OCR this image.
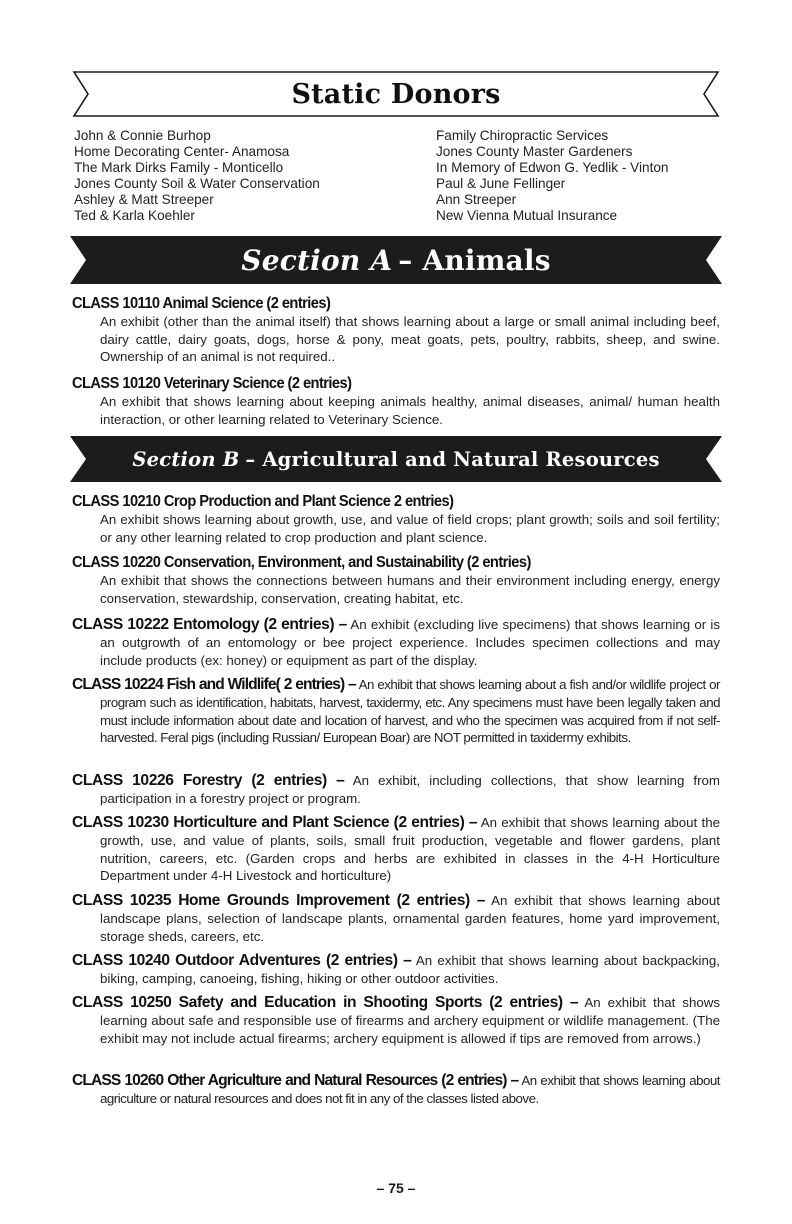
Static Donors
John & Connie Burhop
Home Decorating Center- Anamosa
The Mark Dirks Family - Monticello
Jones County Soil & Water Conservation
Ashley & Matt Streeper
Ted & Karla Koehler
Family Chiropractic Services
Jones County Master Gardeners
In Memory of Edwon G. Yedlik - Vinton
Paul & June Fellinger
Ann Streeper
New Vienna Mutual Insurance
Section A – Animals
CLASS 10110 Animal Science (2 entries)
An exhibit (other than the animal itself) that shows learning about a large or small animal including beef, dairy cattle, dairy goats, dogs, horse & pony, meat goats, pets, poultry, rabbits, sheep, and swine. Ownership of an animal is not required..
CLASS 10120 Veterinary Science (2 entries)
An exhibit that shows learning about keeping animals healthy, animal diseases, animal/ human health interaction, or other learning related to Veterinary Science.
Section B – Agricultural and Natural Resources
CLASS 10210 Crop Production and Plant Science 2 entries)
An exhibit shows learning about growth, use, and value of field crops; plant growth; soils and soil fertility; or any other learning related to crop production and plant science.
CLASS 10220 Conservation, Environment, and Sustainability (2 entries)
An exhibit that shows the connections between humans and their environment including energy, energy conservation, stewardship, conservation, creating habitat, etc.
CLASS 10222 Entomology (2 entries) – An exhibit (excluding live specimens) that shows learning or is an outgrowth of an entomology or bee project experience. Includes specimen collections and may include products (ex: honey) or equipment as part of the display.
CLASS 10224 Fish and Wildlife( 2 entries) – An exhibit that shows learning about a fish and/or wildlife project or program such as identification, habitats, harvest, taxidermy, etc. Any specimens must have been legally taken and must include information about date and location of harvest, and who the specimen was acquired from if not self-harvested. Feral pigs (including Russian/ European Boar) are NOT permitted in taxidermy exhibits.
CLASS 10226 Forestry (2 entries) – An exhibit, including collections, that show learning from participation in a forestry project or program.
CLASS 10230 Horticulture and Plant Science (2 entries) – An exhibit that shows learning about the growth, use, and value of plants, soils, small fruit production, vegetable and flower gardens, plant nutrition, careers, etc. (Garden crops and herbs are exhibited in classes in the 4-H Horticulture Department under 4-H Livestock and horticulture)
CLASS 10235 Home Grounds Improvement (2 entries) – An exhibit that shows learning about landscape plans, selection of landscape plants, ornamental garden features, home yard improvement, storage sheds, careers, etc.
CLASS 10240 Outdoor Adventures (2 entries) – An exhibit that shows learning about backpacking, biking, camping, canoeing, fishing, hiking or other outdoor activities.
CLASS 10250 Safety and Education in Shooting Sports (2 entries) – An exhibit that shows learning about safe and responsible use of firearms and archery equipment or wildlife management. (The exhibit may not include actual firearms; archery equipment is allowed if tips are removed from arrows.)
CLASS 10260 Other Agriculture and Natural Resources (2 entries) – An exhibit that shows learning about agriculture or natural resources and does not fit in any of the classes listed above.
– 75 –
